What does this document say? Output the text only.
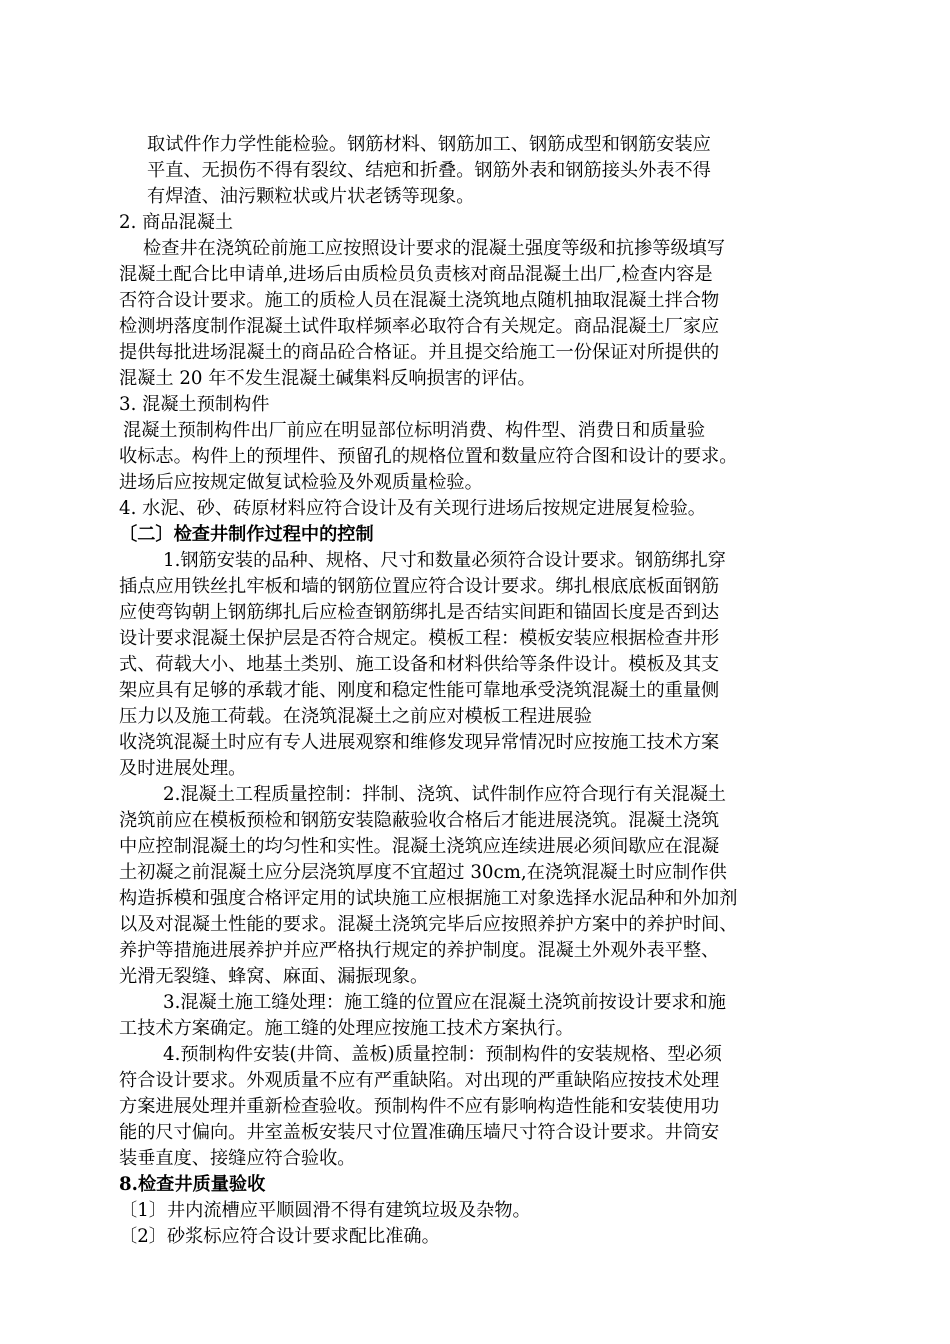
取试件作力学性能检验。钢筋材料、钢筋加工、钢筋成型和钢筋安装应
平直、无损伤不得有裂纹、结疤和折叠。钢筋外表和钢筋接头外表不得
有焊渣、油污颗粒状或片状老锈等现象。
2. 商品混凝土
检查井在浇筑砼前施工应按照设计要求的混凝土强度等级和抗掺等级填写
混凝土配合比申请单,进场后由质检员负责核对商品混凝土出厂,检查内容是
否符合设计要求。施工的质检人员在混凝土浇筑地点随机抽取混凝土拌合物
检测坍落度制作混凝土试件取样频率必取符合有关规定。商品混凝土厂家应
提供每批进场混凝土的商品砼合格证。并且提交给施工一份保证对所提供的
混凝土 20 年不发生混凝土碱集料反响损害的评估。
3. 混凝土预制构件
混凝土预制构件出厂前应在明显部位标明消费、构件型、消费日和质量验
收标志。构件上的预埋件、预留孔的规格位置和数量应符合图和设计的要求。
进场后应按规定做复试检验及外观质量检验。
4. 水泥、砂、砖原材料应符合设计及有关现行进场后按规定进展复检验。
〔二〕检查井制作过程中的控制
1.钢筋安装的品种、规格、尺寸和数量必须符合设计要求。钢筋绑扎穿
插点应用铁丝扎牢板和墙的钢筋位置应符合设计要求。绑扎根底底板面钢筋
应使弯钩朝上钢筋绑扎后应检查钢筋绑扎是否结实间距和锚固长度是否到达
设计要求混凝土保护层是否符合规定。模板工程：模板安装应根据检查井形
式、荷载大小、地基土类别、施工设备和材料供给等条件设计。模板及其支
架应具有足够的承载才能、刚度和稳定性能可靠地承受浇筑混凝土的重量侧
压力以及施工荷载。在浇筑混凝土之前应对模板工程进展验
收浇筑混凝土时应有专人进展观察和维修发现异常情况时应按施工技术方案
及时进展处理。
2.混凝土工程质量控制：拌制、浇筑、试件制作应符合现行有关混凝土
浇筑前应在模板预检和钢筋安装隐蔽验收合格后才能进展浇筑。混凝土浇筑
中应控制混凝土的均匀性和实性。混凝土浇筑应连续进展必须间歇应在混凝
土初凝之前混凝土应分层浇筑厚度不宜超过 30cm,在浇筑混凝土时应制作供
构造拆模和强度合格评定用的试块施工应根据施工对象选择水泥品种和外加剂
以及对混凝土性能的要求。混凝土浇筑完毕后应按照养护方案中的养护时间、
养护等措施进展养护并应严格执行规定的养护制度。混凝土外观外表平整、
光滑无裂缝、蜂窝、麻面、漏振现象。
3.混凝土施工缝处理：施工缝的位置应在混凝土浇筑前按设计要求和施
工技术方案确定。施工缝的处理应按施工技术方案执行。
4.预制构件安装(井筒、盖板)质量控制：预制构件的安装规格、型必须
符合设计要求。外观质量不应有严重缺陷。对出现的严重缺陷应按技术处理
方案进展处理并重新检查验收。预制构件不应有影响构造性能和安装使用功
能的尺寸偏向。井室盖板安装尺寸位置准确压墙尺寸符合设计要求。井筒安
装垂直度、接缝应符合验收。
8.检查井质量验收
〔1〕井内流槽应平顺圆滑不得有建筑垃圾及杂物。
〔2〕砂浆标应符合设计要求配比准确。
